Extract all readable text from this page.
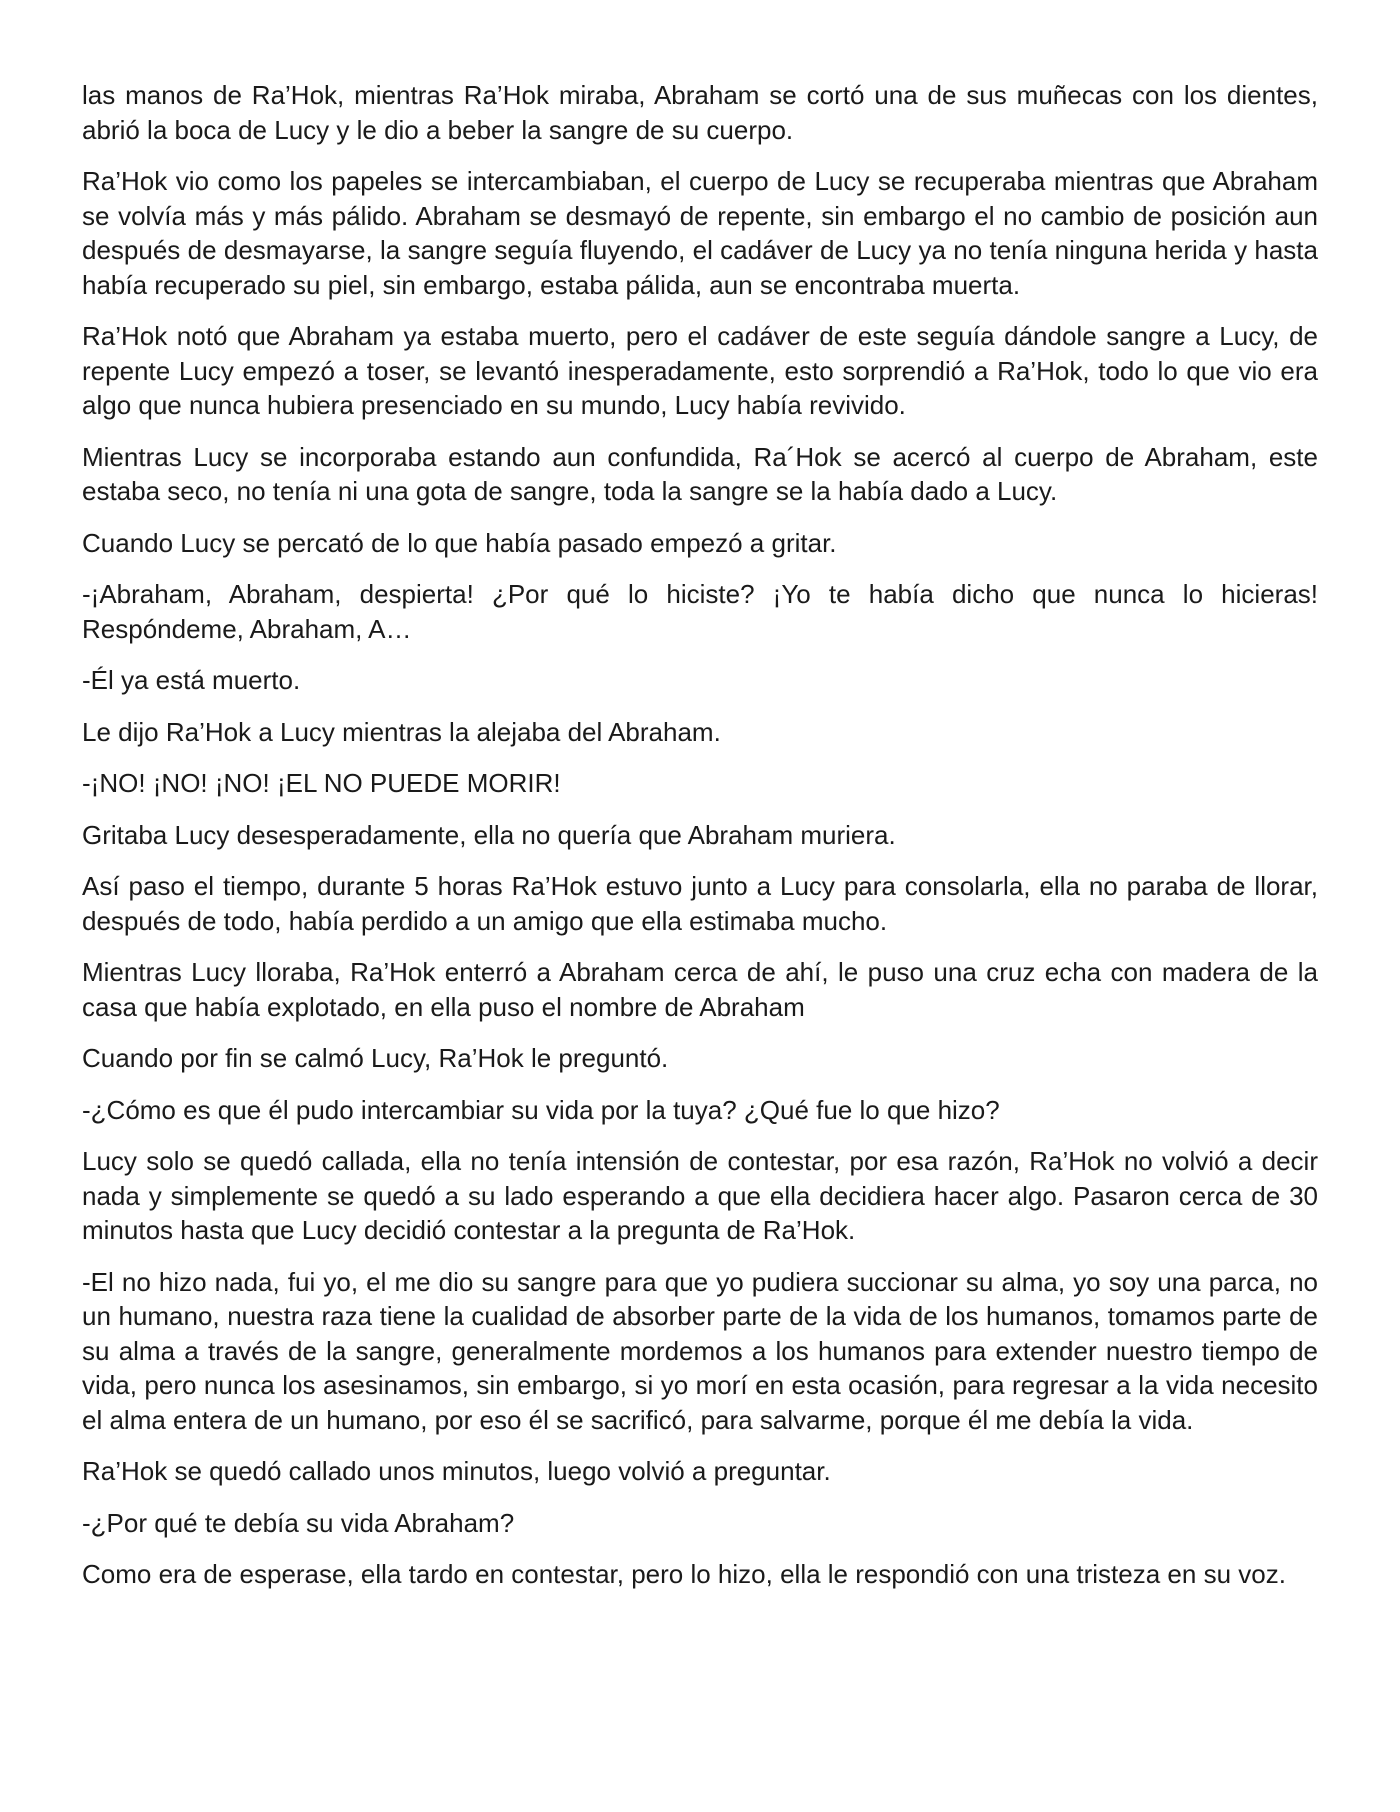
las manos de Ra’Hok, mientras Ra’Hok miraba, Abraham se cortó una de sus muñecas con los dientes, abrió la boca de Lucy y le dio a beber la sangre de su cuerpo.

Ra’Hok vio como los papeles se intercambiaban, el cuerpo de Lucy se recuperaba mientras que Abraham se volvía más y más pálido. Abraham se desmayó de repente, sin embargo el no cambio de posición aun después de desmayarse, la sangre seguía fluyendo, el cadáver de Lucy ya no tenía ninguna herida y hasta había recuperado su piel, sin embargo, estaba pálida, aun se encontraba muerta.

Ra’Hok notó que Abraham ya estaba muerto, pero el cadáver de este seguía dándole sangre a Lucy, de repente Lucy empezó a toser, se levantó inesperadamente, esto sorprendió a Ra’Hok, todo lo que vio era algo que nunca hubiera presenciado en su mundo, Lucy había revivido.

Mientras Lucy se incorporaba estando aun confundida, Ra´Hok se acercó al cuerpo de Abraham, este estaba seco, no tenía ni una gota de sangre, toda la sangre se la había dado a Lucy.

Cuando Lucy se percató de lo que había pasado empezó a gritar.

-¡Abraham, Abraham, despierta! ¿Por qué lo hiciste? ¡Yo te había dicho que nunca lo hicieras! Respóndeme, Abraham, A…

-Él ya está muerto.

Le dijo Ra’Hok a Lucy mientras la alejaba del Abraham.

-¡NO! ¡NO! ¡NO! ¡EL NO PUEDE MORIR!

Gritaba Lucy desesperadamente, ella no quería que Abraham muriera.

Así paso el tiempo, durante 5 horas Ra’Hok estuvo junto a Lucy para consolarla, ella no paraba de llorar, después de todo, había perdido a un amigo que ella estimaba mucho.

Mientras Lucy lloraba, Ra’Hok enterró a Abraham cerca de ahí, le puso una cruz echa con madera de la casa que había explotado, en ella puso el nombre de Abraham

Cuando por fin se calmó Lucy, Ra’Hok le preguntó.

-¿Cómo es que él pudo intercambiar su vida por la tuya? ¿Qué fue lo que hizo?

Lucy solo se quedó callada, ella no tenía intensión de contestar, por esa razón, Ra’Hok no volvió a decir nada y simplemente se quedó a su lado esperando a que ella decidiera hacer algo. Pasaron cerca de 30 minutos hasta que Lucy decidió contestar a la pregunta de Ra’Hok.

-El no hizo nada, fui yo, el me dio su sangre para que yo pudiera succionar su alma, yo soy una parca, no un humano, nuestra raza tiene la cualidad de absorber parte de la vida de los humanos, tomamos parte de su alma a través de la sangre, generalmente mordemos a los humanos para extender nuestro tiempo de vida, pero nunca los asesinamos, sin embargo, si yo morí en esta ocasión, para regresar a la vida necesito el alma entera de un humano, por eso él se sacrificó, para salvarme, porque él me debía la vida.

Ra’Hok se quedó callado unos minutos, luego volvió a preguntar.

-¿Por qué te debía su vida Abraham?

Como era de esperase, ella tardo en contestar, pero lo hizo, ella le respondió con una tristeza en su voz.
